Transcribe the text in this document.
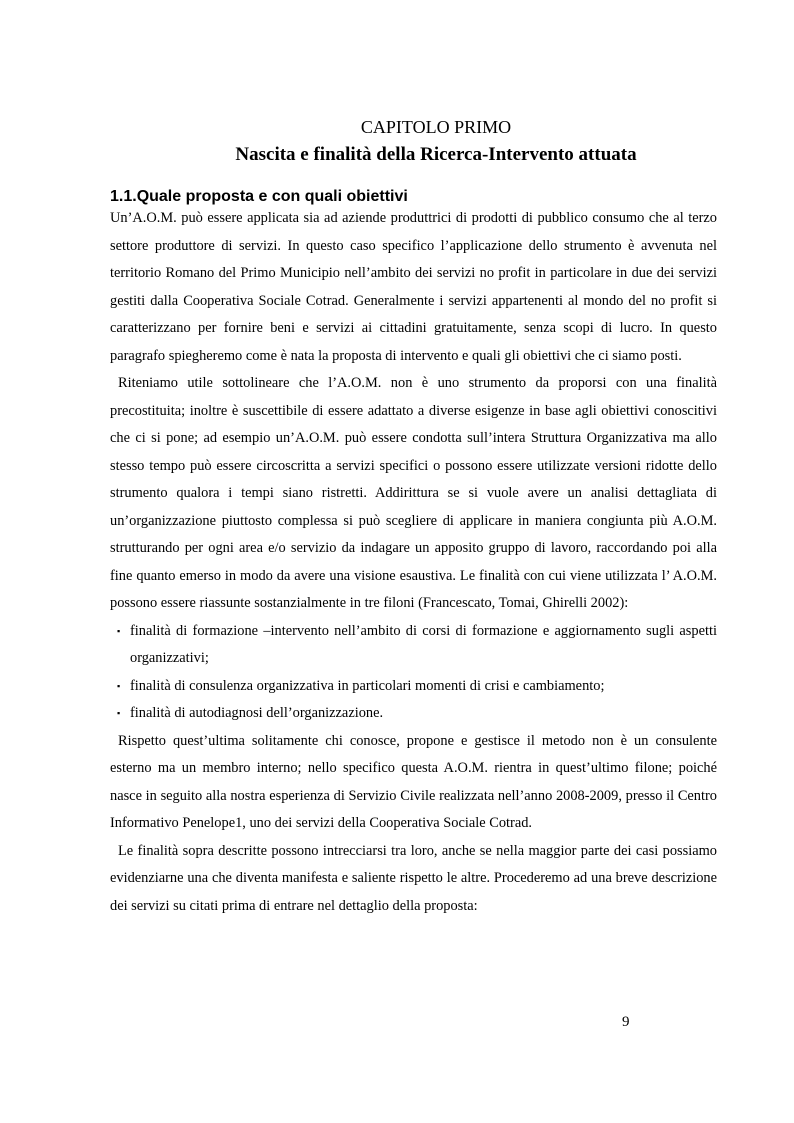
CAPITOLO PRIMO
Nascita e finalità della Ricerca-Intervento attuata
1.1.Quale proposta e con quali obiettivi

Un’A.O.M. può essere applicata sia ad aziende produttrici di prodotti di pubblico consumo che al terzo settore produttore di servizi. In questo caso specifico l’applicazione dello strumento è avvenuta nel territorio Romano del Primo Municipio nell’ambito dei servizi no profit in particolare in due dei servizi gestiti dalla Cooperativa Sociale Cotrad. Generalmente i servizi appartenenti al mondo del no profit si caratterizzano per fornire beni e servizi ai cittadini gratuitamente, senza scopi di lucro. In questo paragrafo spiegheremo come è nata la proposta di intervento e quali gli obiettivi che ci siamo posti.

Riteniamo utile sottolineare che l’A.O.M. non è uno strumento da proporsi con una finalità precostituita; inoltre è suscettibile di essere adattato a diverse esigenze in base agli obiettivi conoscitivi che ci si pone; ad esempio un’A.O.M. può essere condotta sull’intera Struttura Organizzativa ma allo stesso tempo può essere circoscritta a servizi specifici o possono essere utilizzate versioni ridotte dello strumento qualora i tempi siano ristretti. Addirittura se si vuole avere un analisi dettagliata di un’organizzazione piuttosto complessa si può scegliere di applicare in maniera congiunta più A.O.M. strutturando per ogni area e/o servizio da indagare un apposito gruppo di lavoro, raccordando poi alla fine quanto emerso in modo da avere una visione esaustiva. Le finalità con cui viene utilizzata l’ A.O.M. possono essere riassunte sostanzialmente in tre filoni (Francescato, Tomai, Ghirelli 2002):

▪ finalità di formazione –intervento nell’ambito di corsi di formazione e aggiornamento sugli aspetti organizzativi;
▪ finalità di consulenza organizzativa in particolari momenti di crisi e cambiamento;
▪ finalità di autodiagnosi dell’organizzazione.

Rispetto quest’ultima solitamente chi conosce, propone e gestisce il metodo non è un consulente esterno ma un membro interno; nello specifico questa A.O.M. rientra in quest’ultimo filone; poiché nasce in seguito alla nostra esperienza di Servizio Civile realizzata nell’anno 2008-2009, presso il Centro Informativo Penelope1, uno dei servizi della Cooperativa Sociale Cotrad.

Le finalità sopra descritte possono intrecciarsi tra loro, anche se nella maggior parte dei casi possiamo evidenziarne una che diventa manifesta e saliente rispetto le altre. Procederemo ad una breve descrizione dei servizi su citati prima di entrare nel dettaglio della proposta:

9
